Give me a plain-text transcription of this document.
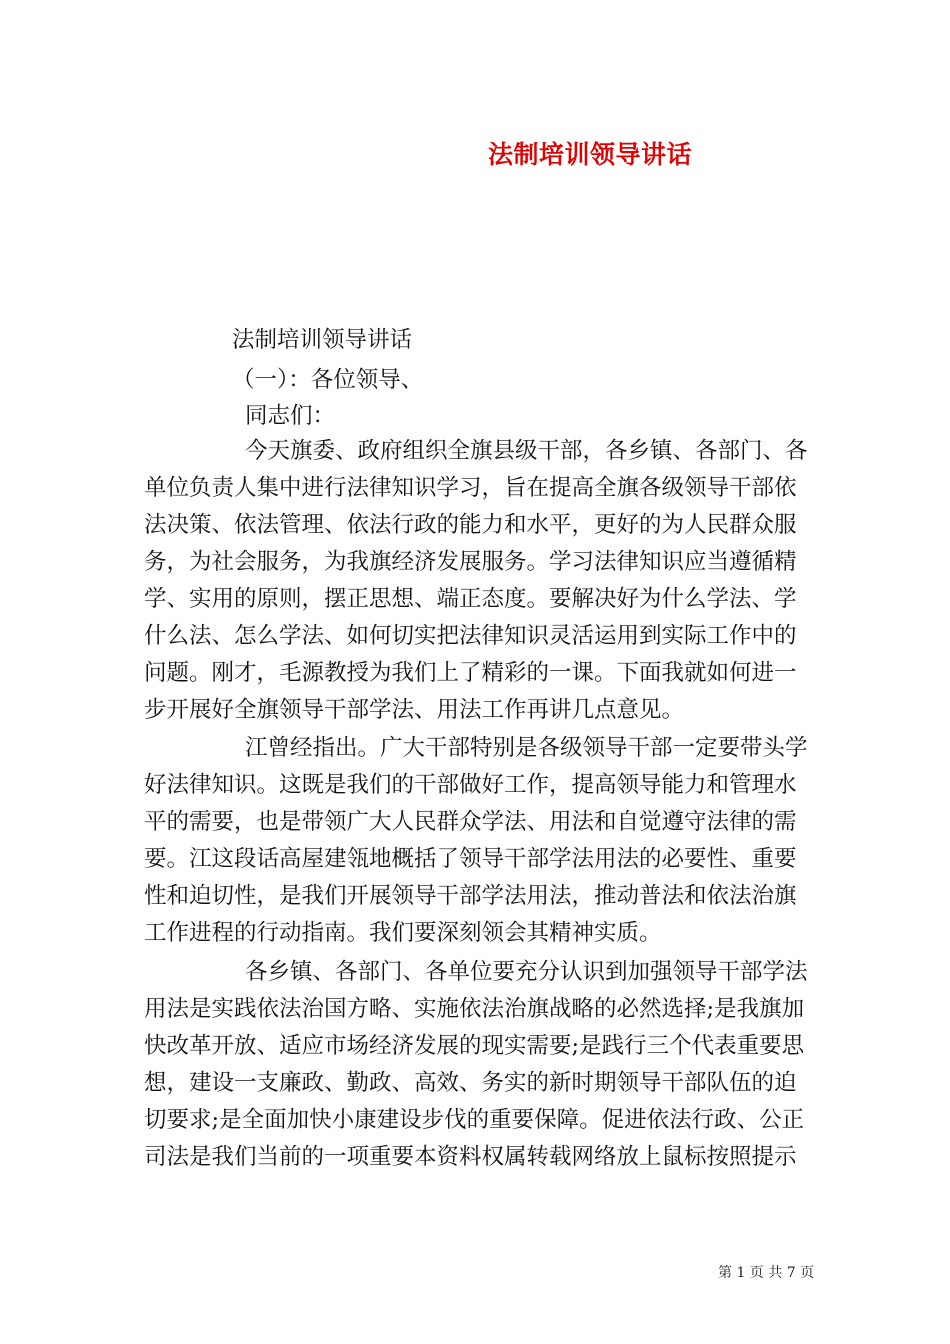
法制培训领导讲话
法制培训领导讲话
（一）：各位领导、
同志们：
今天旗委、政府组织全旗县级干部，各乡镇、各部门、各
单位负责人集中进行法律知识学习，旨在提高全旗各级领导干部依
法决策、依法管理、依法行政的能力和水平，更好的为人民群众服
务，为社会服务，为我旗经济发展服务。学习法律知识应当遵循精
学、实用的原则，摆正思想、端正态度。要解决好为什么学法、学
什么法、怎么学法、如何切实把法律知识灵活运用到实际工作中的
问题。刚才，毛源教授为我们上了精彩的一课。下面我就如何进一
步开展好全旗领导干部学法、用法工作再讲几点意见。
江曾经指出。广大干部特别是各级领导干部一定要带头学
好法律知识。这既是我们的干部做好工作，提高领导能力和管理水
平的需要，也是带领广大人民群众学法、用法和自觉遵守法律的需
要。江这段话高屋建瓴地概括了领导干部学法用法的必要性、重要
性和迫切性，是我们开展领导干部学法用法，推动普法和依法治旗
工作进程的行动指南。我们要深刻领会其精神实质。
各乡镇、各部门、各单位要充分认识到加强领导干部学法
用法是实践依法治国方略、实施依法治旗战略的必然选择;是我旗加
快改革开放、适应市场经济发展的现实需要;是践行三个代表重要思
想，建设一支廉政、勤政、高效、务实的新时期领导干部队伍的迫
切要求;是全面加快小康建设步伐的重要保障。促进依法行政、公正
司法是我们当前的一项重要本资料权属转载网络放上鼠标按照提示
第 1 页 共 7 页
